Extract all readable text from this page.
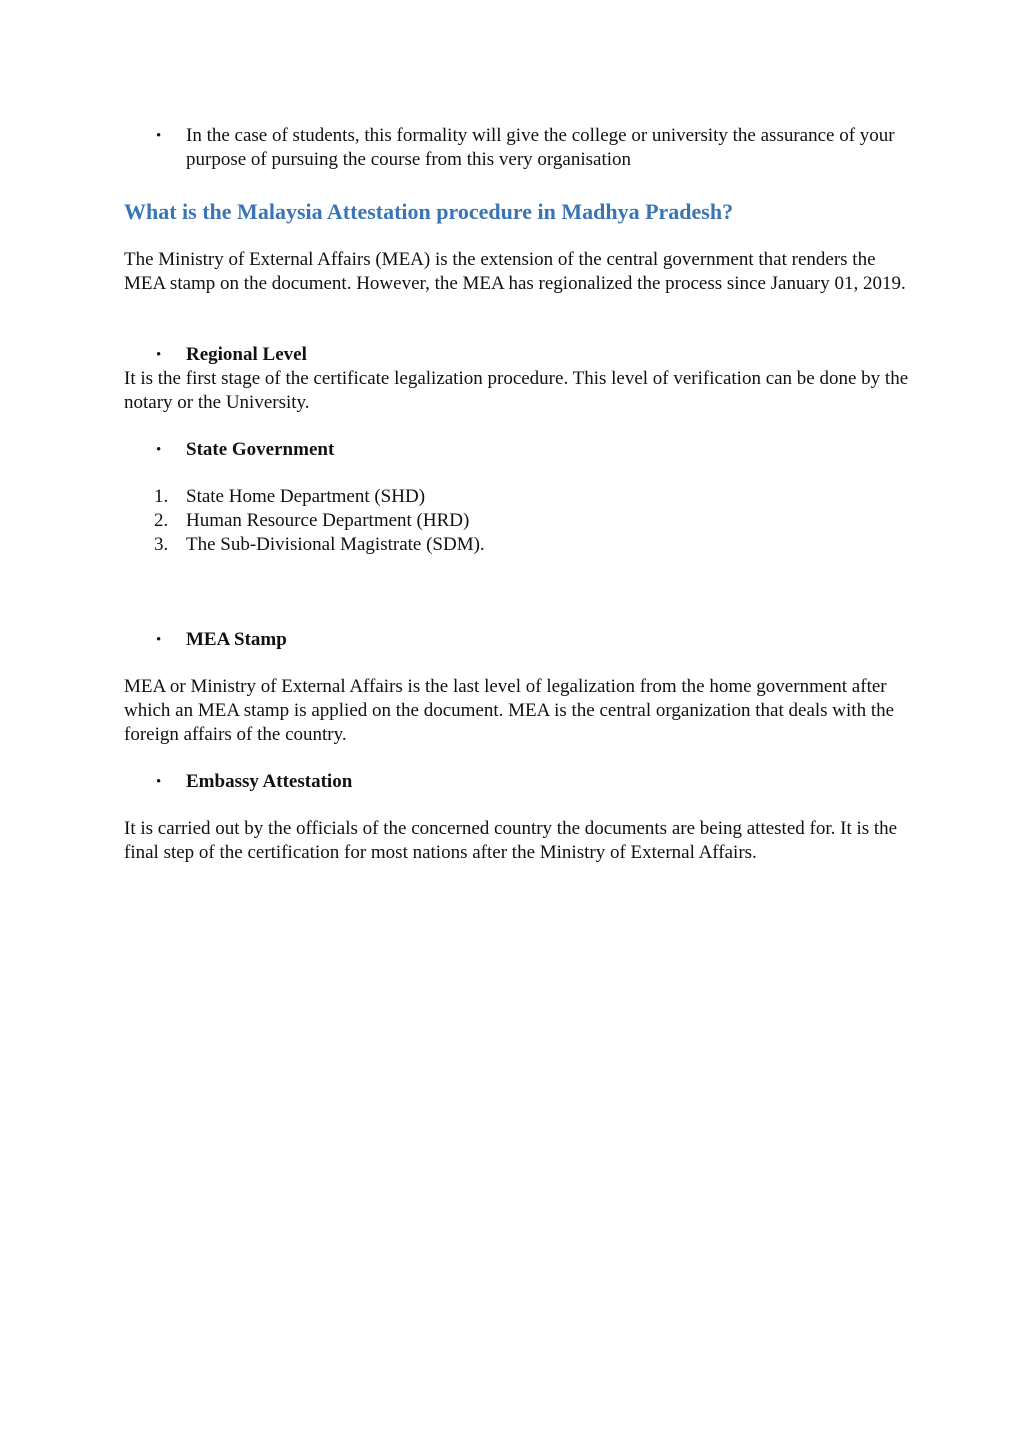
•	In the case of students, this formality will give the college or university the assurance of your purpose of pursuing the course from this very organisation
What is the Malaysia Attestation procedure in Madhya Pradesh?
The Ministry of External Affairs (MEA) is the extension of the central government that renders the MEA stamp on the document. However, the MEA has regionalized the process since January 01, 2019.
•	Regional Level
It is the first stage of the certificate legalization procedure. This level of verification can be done by the notary or the University.
•	State Government
1. State Home Department (SHD)
2. Human Resource Department (HRD)
3. The Sub-Divisional Magistrate (SDM).
•	MEA Stamp
MEA or Ministry of External Affairs is the last level of legalization from the home government after which an MEA stamp is applied on the document. MEA is the central organization that deals with the foreign affairs of the country.
•	Embassy Attestation
It is carried out by the officials of the concerned country the documents are being attested for. It is the final step of the certification for most nations after the Ministry of External Affairs.
